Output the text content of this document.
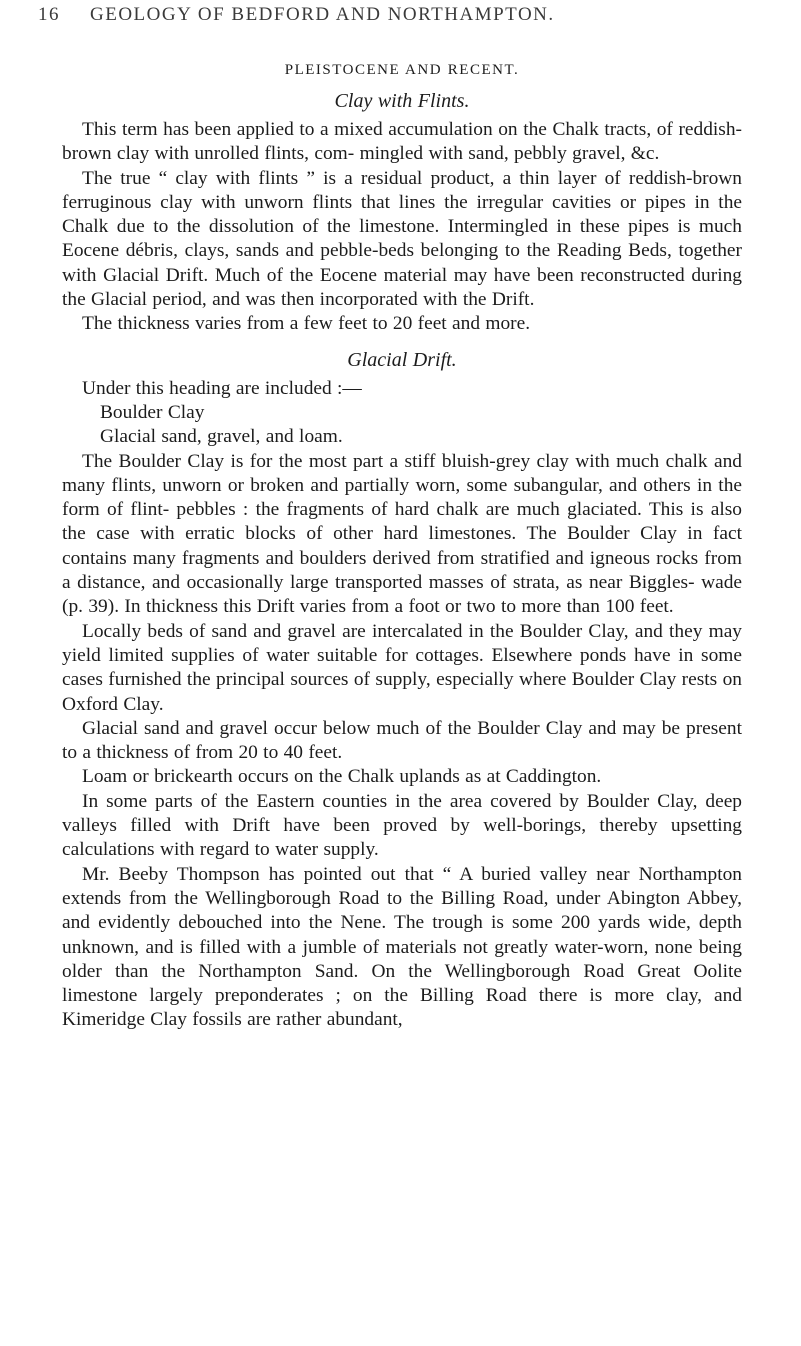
16 GEOLOGY OF BEDFORD AND NORTHAMPTON.
PLEISTOCENE AND RECENT.
Clay with Flints.

This term has been applied to a mixed accumulation on the Chalk tracts, of reddish-brown clay with unrolled flints, com- mingled with sand, pebbly gravel, &c.

The true “ clay with flints ” is a residual product, a thin layer of reddish-brown ferruginous clay with unworn flints that lines the irregular cavities or pipes in the Chalk due to the dissolution of the limestone. Intermingled in these pipes is much Eocene débris, clays, sands and pebble-beds belonging to the Reading Beds, together with Glacial Drift. Much of the Eocene material may have been reconstructed during the Glacial period, and was then incorporated with the Drift.

The thickness varies from a few feet to 20 feet and more.

Glacial Drift.

Under this heading are included :—

Boulder Clay

Glacial sand, gravel, and loam.

The Boulder Clay is for the most part a stiff bluish-grey clay with much chalk and many flints, unworn or broken and partially worn, some subangular, and others in the form of flint- pebbles : the fragments of hard chalk are much glaciated. This is also the case with erratic blocks of other hard limestones. The Boulder Clay in fact contains many fragments and boulders derived from stratified and igneous rocks from a distance, and occasionally large transported masses of strata, as near Biggles- wade (p. 39). In thickness this Drift varies from a foot or two to more than 100 feet.

Locally beds of sand and gravel are intercalated in the Boulder Clay, and they may yield limited supplies of water suitable for cottages. Elsewhere ponds have in some cases furnished the principal sources of supply, especially where Boulder Clay rests on Oxford Clay.

Glacial sand and gravel occur below much of the Boulder Clay and may be present to a thickness of from 20 to 40 feet.

Loam or brickearth occurs on the Chalk uplands as at Caddington.

In some parts of the Eastern counties in the area covered by Boulder Clay, deep valleys filled with Drift have been proved by well-borings, thereby upsetting calculations with regard to water supply.

Mr. Beeby Thompson has pointed out that “ A buried valley near Northampton extends from the Wellingborough Road to the Billing Road, under Abington Abbey, and evidently debouched into the Nene. The trough is some 200 yards wide, depth unknown, and is filled with a jumble of materials not greatly water-worn, none being older than the Northampton Sand. On the Wellingborough Road Great Oolite limestone largely preponderates ; on the Billing Road there is more clay, and Kimeridge Clay fossils are rather abundant,
